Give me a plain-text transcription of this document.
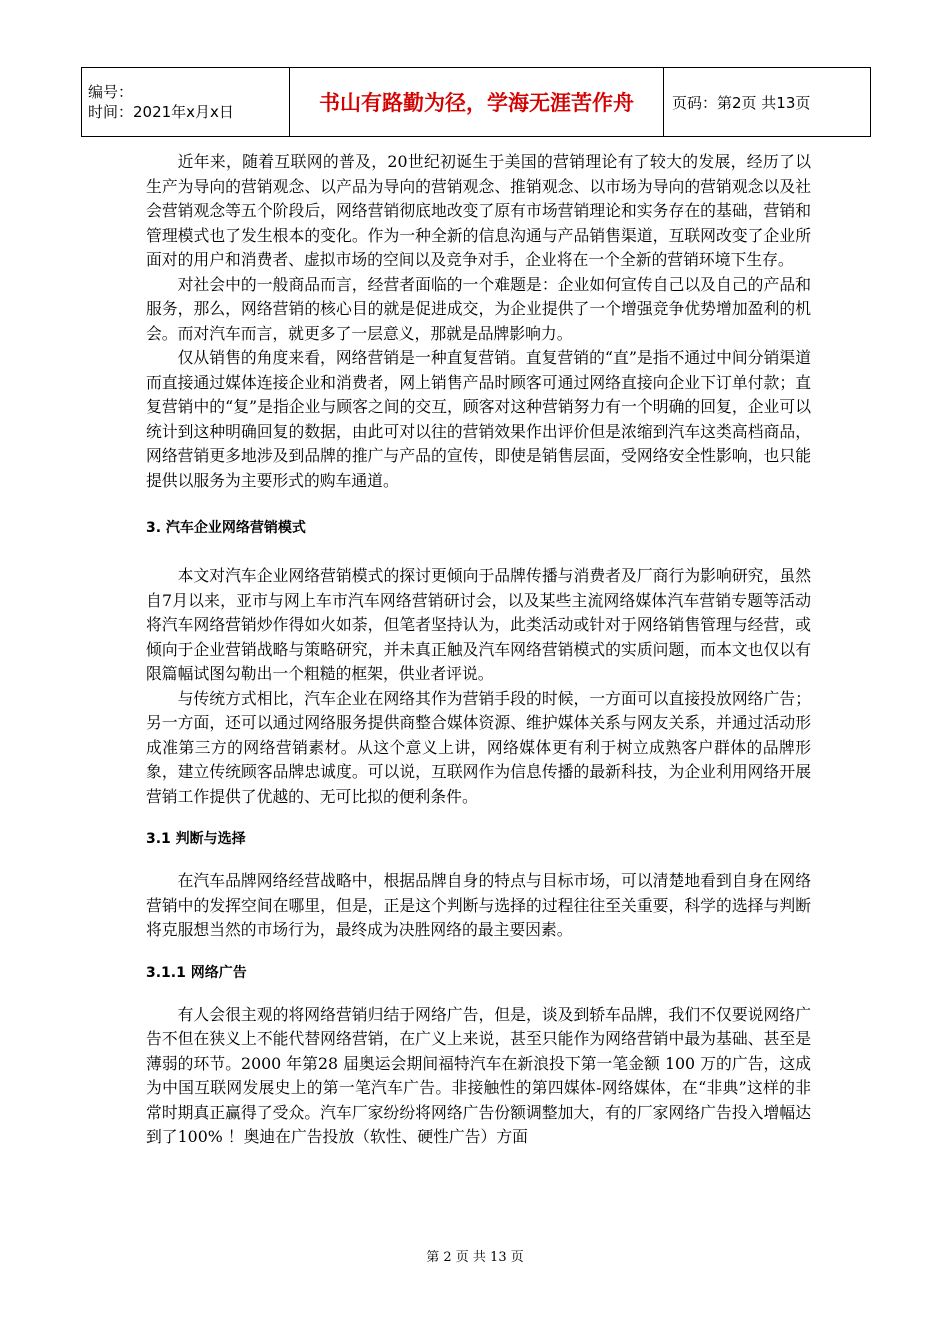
编号：
时间：2021年x月x日	书山有路勤为径，学海无涯苦作舟	页码：第2页 共13页

近年来，随着互联网的普及，20世纪初诞生于美国的营销理论有了较大的发展，经历了以生产为导向的营销观念、以产品为导向的营销观念、推销观念、以市场为导向的营销观念以及社会营销观念等五个阶段后，网络营销彻底地改变了原有市场营销理论和实务存在的基础，营销和管理模式也了发生根本的变化。作为一种全新的信息沟通与产品销售渠道，互联网改变了企业所面对的用户和消费者、虚拟市场的空间以及竞争对手，企业将在一个全新的营销环境下生存。

对社会中的一般商品而言，经营者面临的一个难题是：企业如何宣传自己以及自己的产品和服务，那么，网络营销的核心目的就是促进成交，为企业提供了一个增强竞争优势增加盈利的机会。而对汽车而言，就更多了一层意义，那就是品牌影响力。

仅从销售的角度来看，网络营销是一种直复营销。直复营销的“直”是指不通过中间分销渠道而直接通过媒体连接企业和消费者，网上销售产品时顾客可通过网络直接向企业下订单付款；直复营销中的“复”是指企业与顾客之间的交互，顾客对这种营销努力有一个明确的回复，企业可以统计到这种明确回复的数据，由此可对以往的营销效果作出评价但是浓缩到汽车这类高档商品，网络营销更多地涉及到品牌的推广与产品的宣传，即使是销售层面，受网络安全性影响，也只能提供以服务为主要形式的购车通道。

3. 汽车企业网络营销模式

本文对汽车企业网络营销模式的探讨更倾向于品牌传播与消费者及厂商行为影响研究，虽然自7月以来，亚市与网上车市汽车网络营销研讨会，以及某些主流网络媒体汽车营销专题等活动将汽车网络营销炒作得如火如荼，但笔者坚持认为，此类活动或针对于网络销售管理与经营，或倾向于企业营销战略与策略研究，并未真正触及汽车网络营销模式的实质问题，而本文也仅以有限篇幅试图勾勒出一个粗糙的框架，供业者评说。

与传统方式相比，汽车企业在网络其作为营销手段的时候，一方面可以直接投放网络广告；另一方面，还可以通过网络服务提供商整合媒体资源、维护媒体关系与网友关系，并通过活动形成准第三方的网络营销素材。从这个意义上讲，网络媒体更有利于树立成熟客户群体的品牌形象，建立传统顾客品牌忠诚度。可以说，互联网作为信息传播的最新科技，为企业利用网络开展营销工作提供了优越的、无可比拟的便利条件。

3.1 判断与选择

在汽车品牌网络经营战略中，根据品牌自身的特点与目标市场，可以清楚地看到自身在网络营销中的发挥空间在哪里，但是，正是这个判断与选择的过程往往至关重要，科学的选择与判断将克服想当然的市场行为，最终成为决胜网络的最主要因素。

3.1.1 网络广告

有人会很主观的将网络营销归结于网络广告，但是，谈及到轿车品牌，我们不仅要说网络广告不但在狭义上不能代替网络营销，在广义上来说，甚至只能作为网络营销中最为基础、甚至是薄弱的环节。2000 年第28 届奥运会期间福特汽车在新浪投下第一笔金额 100 万的广告，这成为中国互联网发展史上的第一笔汽车广告。非接触性的第四媒体-网络媒体，在“非典”这样的非常时期真正赢得了受众。汽车厂家纷纷将网络广告份额调整加大，有的厂家网络广告投入增幅达到了100% ！奥迪在广告投放（软性、硬性广告）方面

第 2 页 共 13 页
